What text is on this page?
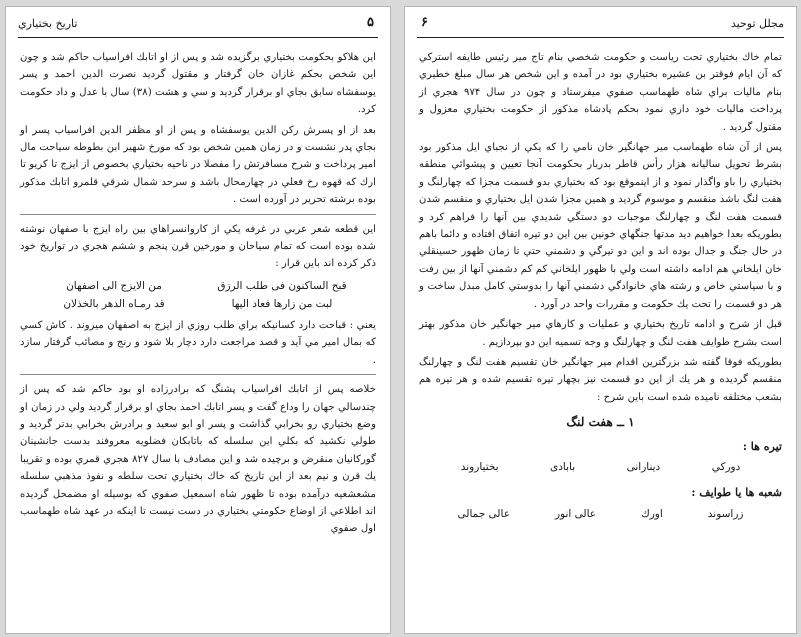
تاريخ بختياري	۵

اين هلاكو بحكومت بختياري برگزيده شد و پس از او اتابك افراسياب حاكم شد و چون اين شخص بحكم غازان خان گرفتار و مقتول گرديد نصرت الدين احمد و پسر يوسفشاه سابق بجاي او برقرار گرديد و سي و هشت (۳۸) سال با عدل و داد حكومت كرد.

بعد از او پسرش ركن الدين يوسفشاه و پس از او مظفر الدين افراسياب پسر او بجاي پدر نشست و در زمان همين شخص بود كه مورخ شهير ابن بطوطه سياحت مال امير پرداخت و شرح مسافرتش را مفصلا در ناحيه بختياري بخصوص از ايزج تا كريو تا ارك كه قهوه رخ فعلي در چهارمحال باشد و سرحد شمال شرقي قلمرو اتابك مذكور بوده برشته تحرير در آورده است .

اين قطعه شعر عربي در غرفه يكي از كاروانسراهاي بين راه ايزج با صفهان نوشته شده بوده است كه تمام سياحان و مورخين قرن پنجم و ششم هجري در تواريخ خود ذكر كرده اند باين قرار :

قبح الساكنون فى طلب الرزق
من الايزج الى اصفهان
لبت من زارها فعاد اليها
قد رمـاه الدهر بالخذلان

يعني : قباحت دارد كسانيكه براي طلب روزي از ايزج به اصفهان ميروند . كاش كسي كه بمال امير مي آيد و قصد مراجعت دارد دچار بلا شود و رنج و مصائب گرفتار سازد .

خلاصه پس از اتابك افراسياب پشنگ كه برادرزاده او بود حاكم شد كه پس از چندسالي جهان را وداع گفت و پسر اتابك احمد بجاي او برقرار گرديد ولي در زمان او وضع بختياري رو بخرابي گذاشت و پسر او ابو سعيد و برادرش بخرابي بدتر گرديد و طولي نكشيد كه بكلي اين سلسله كه باتابكان فضلويه معروفند بدست جانشينان گوركانيان منقرض و برچيده شد و اين مصادف با سال ۸۲۷ هجري قمري بوده و تقريبا يك قرن و نيم بعد از اين تاريخ كه خاك بختياري تحت سلطه و نفوذ مذهبي سلسله مشعشعيه درآمده بوده تا ظهور شاه اسمعيل صفوي كه بوسيله او مضمحل گرديده اند اطلاعي از اوضاع حكومتي بختياري در دست نيست تا اينكه در عهد شاه طهماسب اول صفوي

مجلل توحيد
۶

تمام خاك بختياري تحت رياست و حكومت شخصي بنام تاج مير رئيس طايفه استركي كه آن ايام فوقتر بن عشيره بختياري بود در آمده و اين شخص هر سال مبلغ خطيري بنام ماليات براي شاه طهماسب صفوي ميفرستاد و چون در سال ۹۷۴ هجري از پرداخت ماليات خود داري نمود بحكم پادشاه مذكور از حكومت بختياري معزول و مقتول گرديد .

پس از آن شاه طهماسب مير جهانگير خان نامي را كه يكي از نجباي ايل مذكور بود بشرط تحويل سالیانه هزار رأس قاطر بدربار بحكومت آنجا تعيين و پيشوائي منطقه بختياري را باو واگذار نمود و از اينموقع بود كه بختياري بدو قسمت مجزا كه چهارلنگ و هفت لنگ باشد منقسم و موسوم گرديد و همين مجزا شدن ايل بختياري و منقسم شدن قسمت هفت لنگ و چهارلنگ موجبات دو دستگي شديدي بين آنها را فراهم كرد و بطوريكه بعدا خواهيم ديد مدتها جنگهاي خونين بين اين دو تيره اتفاق افتاده و دائما باهم در حال جنگ و جدال بوده اند و اين دو تيرگي و دشمني حتي تا زمان ظهور حسينقلي خان ايلخاني هم ادامه داشته است ولي با ظهور ايلخاني كم كم دشمني آنها از بين رفت و با سياستي خاص و رشته هاي خانوادگي دشمني آنها را بدوستي كامل مبدل ساخت و هر دو قسمت را تحت يك حكومت و مقررات واحد در آورد .

قبل از شرح و ادامه تاريخ بختياري و عمليات و كارهاي مير جهانگير خان مذكور بهتر است بشرح طوايف هفت لنگ و چهارلنگ و وجه تسميه اين دو بپردازيم .

بطوريكه فوقا گفته شد بزرگترين اقدام مير جهانگير خان تقسيم هفت لنگ و چهارلنگ منقسم گرديده و هر يك از اين دو قسمت نيز بچهار تيره تقسيم شده و هر تيره هم بشعب مختلفه ناميده شده است باين شرح :

۱ ــ هفت لنگ
تيره ها :
دوركي
دينارانى
بابادى
بختياروند
شعبه ها يا طوايف :
زراسوند
اورك
عالى انور
عالى جمالى
